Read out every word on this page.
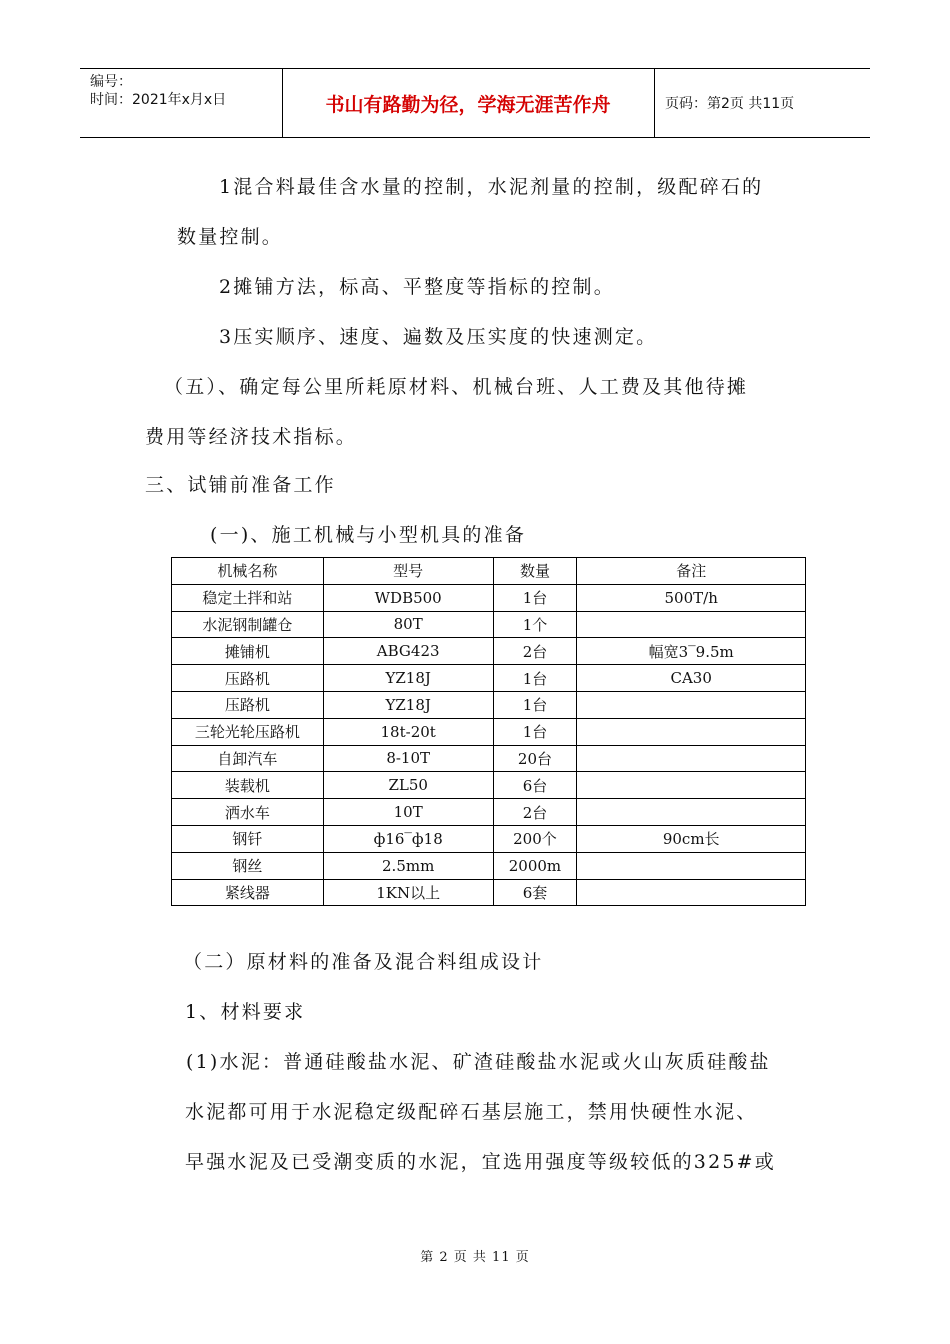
编号：
时间：2021年x月x日	书山有路勤为径，学海无涯苦作舟	页码：第2页 共11页
1混合料最佳含水量的控制，水泥剂量的控制，级配碎石的
数量控制。
2摊铺方法，标高、平整度等指标的控制。
3压实顺序、速度、遍数及压实度的快速测定。
（五）、确定每公里所耗原材料、机械台班、人工费及其他待摊
费用等经济技术指标。
三、试铺前准备工作
(一)、施工机械与小型机具的准备
机械名称	型号	数量	备注
稳定土拌和站	WDB500	1台	500T/h
水泥钢制罐仓	80T	1个	
摊铺机	ABG423	2台	幅宽3‾9.5m
压路机	YZ18J	1台	CA30
压路机	YZ18J	1台	
三轮光轮压路机	18t-20t	1台	
自卸汽车	8-10T	20台	
装载机	ZL50	6台	
洒水车	10T	2台	
钢钎	ф16‾ф18	200个	90cm长
钢丝	2.5mm	2000m	
紧线器	1KN以上	6套	
（二）原材料的准备及混合料组成设计
1、材料要求
(1)水泥：普通硅酸盐水泥、矿渣硅酸盐水泥或火山灰质硅酸盐
水泥都可用于水泥稳定级配碎石基层施工，禁用快硬性水泥、
早强水泥及已受潮变质的水泥，宜选用强度等级较低的325#或
第 2 页 共 11 页
